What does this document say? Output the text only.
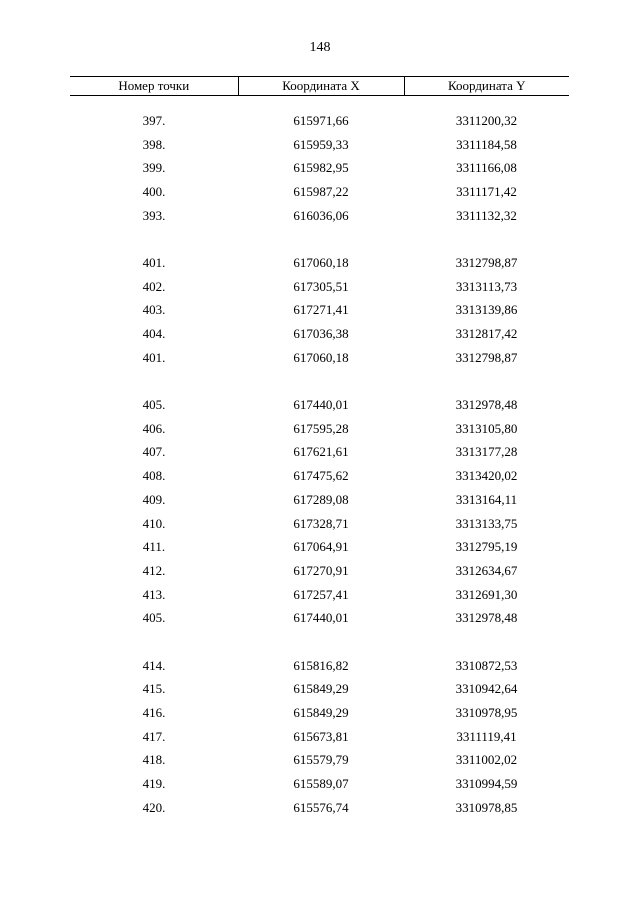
148
Номер точки	Координата X	Координата Y

397.	615971,66	3311200,32
398.	615959,33	3311184,58
399.	615982,95	3311166,08
400.	615987,22	3311171,42
393.	616036,06	3311132,32

401.	617060,18	3312798,87
402.	617305,51	3313113,73
403.	617271,41	3313139,86
404.	617036,38	3312817,42
401.	617060,18	3312798,87

405.	617440,01	3312978,48
406.	617595,28	3313105,80
407.	617621,61	3313177,28
408.	617475,62	3313420,02
409.	617289,08	3313164,11
410.	617328,71	3313133,75
411.	617064,91	3312795,19
412.	617270,91	3312634,67
413.	617257,41	3312691,30
405.	617440,01	3312978,48

414.	615816,82	3310872,53
415.	615849,29	3310942,64
416.	615849,29	3310978,95
417.	615673,81	3311119,41
418.	615579,79	3311002,02
419.	615589,07	3310994,59
420.	615576,74	3310978,85
